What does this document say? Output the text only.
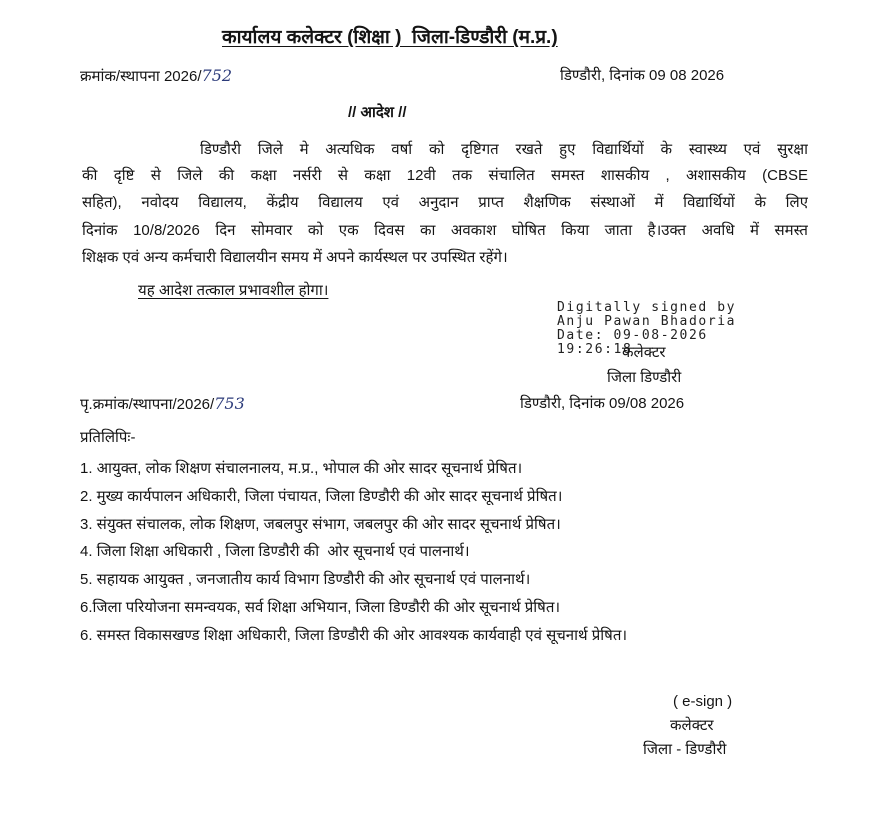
कार्यालय कलेक्टर (शिक्षा )  जिला-डिण्डौरी (म.प्र.)
क्रमांक/स्थापना 2026/752	डिण्डौरी, दिनांक 09 08 2026
// आदेश //
डिण्डौरी जिले मे अत्यधिक वर्षा को दृष्टिगत रखते हुए विद्यार्थियों के स्वास्थ्य एवं सुरक्षा
की दृष्टि से जिले की कक्षा नर्सरी से कक्षा 12वी तक संचालित समस्त शासकीय , अशासकीय (CBSE
सहित), नवोदय विद्यालय, केंद्रीय विद्यालय एवं अनुदान प्राप्त शैक्षणिक संस्थाओं में विद्यार्थियों के लिए
दिनांक 10/8/2026 दिन सोमवार को एक दिवस का अवकाश घोषित किया जाता है।उक्त अवधि में समस्त
शिक्षक एवं अन्य कर्मचारी विद्यालयीन समय में अपने कार्यस्थल पर उपस्थित रहेंगे।
यह आदेश तत्काल प्रभावशील होगा।
Digitally signed by
Anju Pawan Bhadoria
Date: 09-08-2026
19:26:18
कलेक्टर
जिला डिण्डौरी
पृ.क्रमांक/स्थापना/2026/753	डिण्डौरी, दिनांक 09/08 2026
प्रतिलिपिः-
1. आयुक्त, लोक शिक्षण संचालनालय, म.प्र., भोपाल की ओर सादर सूचनार्थ प्रेषित।
2. मुख्य कार्यपालन अधिकारी, जिला पंचायत, जिला डिण्डौरी की ओर सादर सूचनार्थ प्रेषित।
3. संयुक्त संचालक, लोक शिक्षण, जबलपुर संभाग, जबलपुर की ओर सादर सूचनार्थ प्रेषित।
4. जिला शिक्षा अधिकारी , जिला डिण्डौरी की  ओर सूचनार्थ एवं पालनार्थ।
5. सहायक आयुक्त , जनजातीय कार्य विभाग डिण्डौरी की ओर सूचनार्थ एवं पालनार्थ।
6.जिला परियोजना समन्वयक, सर्व शिक्षा अभियान, जिला डिण्डौरी की ओर सूचनार्थ प्रेषित।
6. समस्त विकासखण्ड शिक्षा अधिकारी, जिला डिण्डौरी की ओर आवश्यक कार्यवाही एवं सूचनार्थ प्रेषित।
( e-sign )
कलेक्टर
जिला - डिण्डौरी
